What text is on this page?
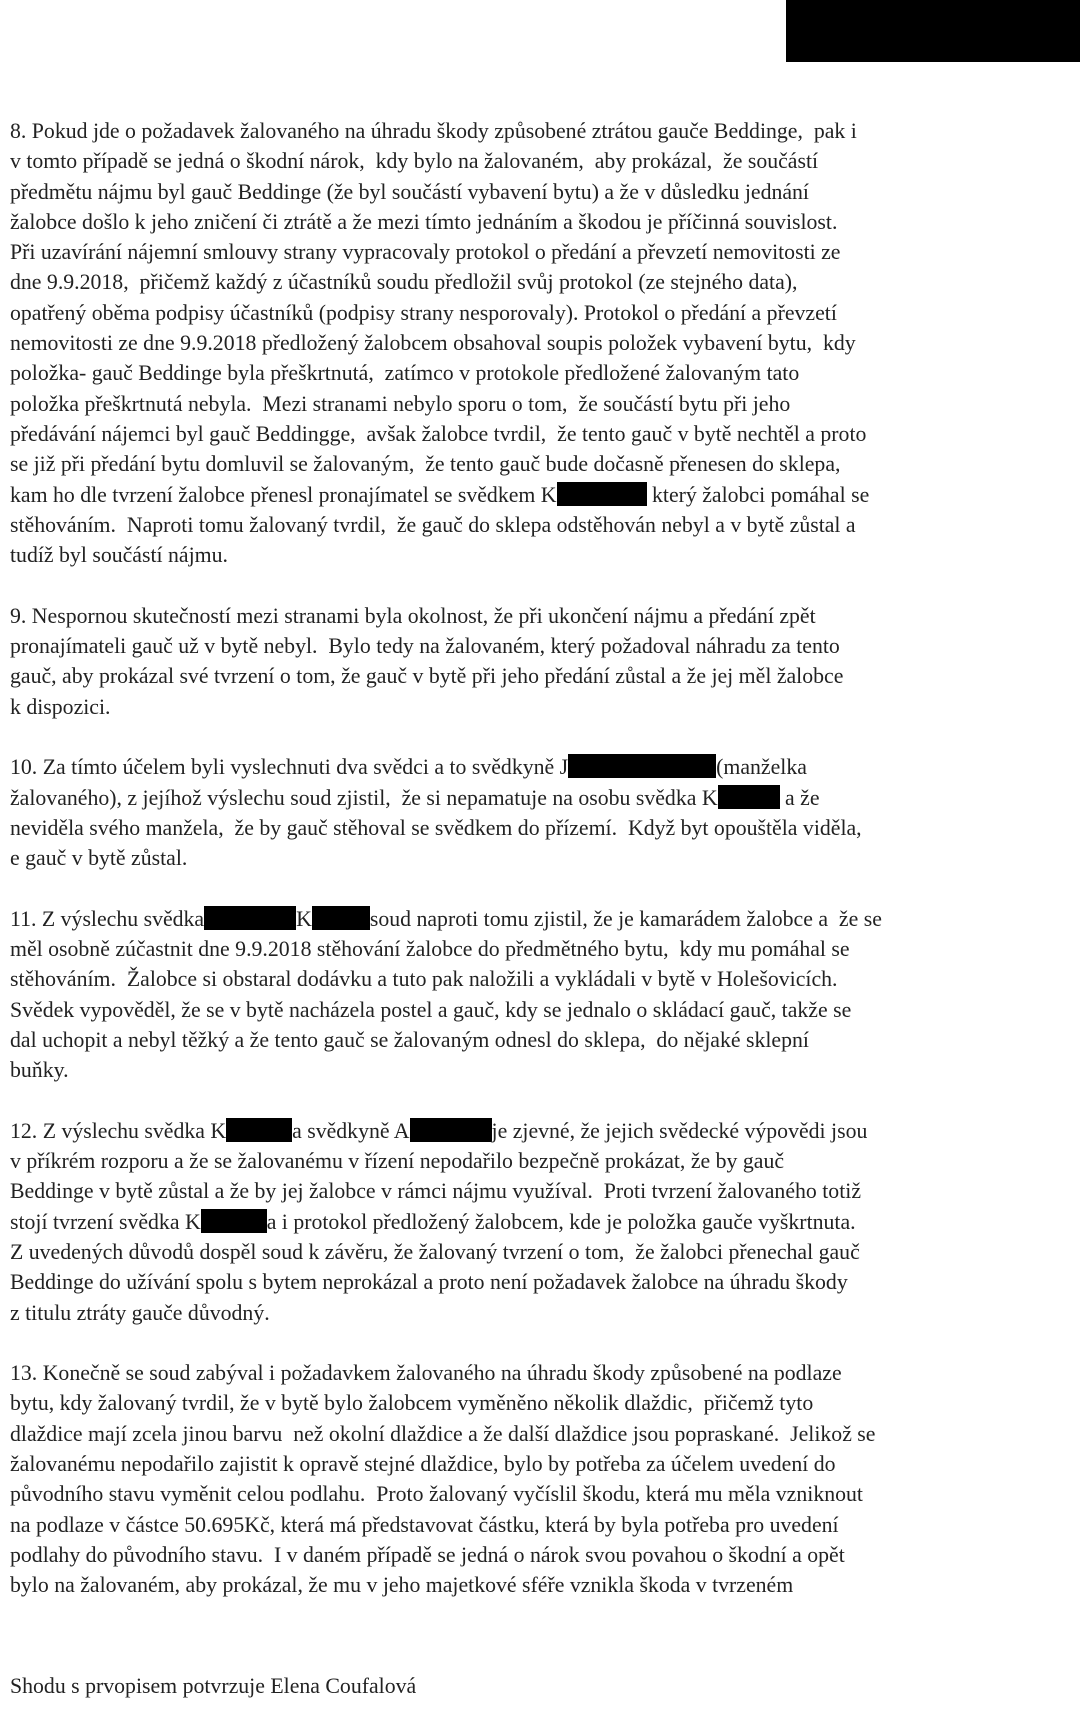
8. Pokud jde o požadavek žalovaného na úhradu škody způsobené ztrátou gauče Beddinge,  pak i
v tomto případě se jedná o škodní nárok,  kdy bylo na žalovaném,  aby prokázal,  že součástí
předmětu nájmu byl gauč Beddinge (že byl součástí vybavení bytu) a že v důsledku jednání
žalobce došlo k jeho zničení či ztrátě a že mezi tímto jednáním a škodou je příčinná souvislost.
Při uzavírání nájemní smlouvy strany vypracovaly protokol o předání a převzetí nemovitosti ze
dne 9.9.2018,  přičemž každý z účastníků soudu předložil svůj protokol (ze stejného data),
opatřený oběma podpisy účastníků (podpisy strany nesporovaly). Protokol o předání a převzetí
nemovitosti ze dne 9.9.2018 předložený žalobcem obsahoval soupis položek vybavení bytu,  kdy
položka- gauč Beddinge byla přeškrtnutá,  zatímco v protokole předložené žalovaným tato
položka přeškrtnutá nebyla.  Mezi stranami nebylo sporu o tom,  že součástí bytu při jeho
předávání nájemci byl gauč Beddingge,  avšak žalobce tvrdil,  že tento gauč v bytě nechtěl a proto
se již při předání bytu domluvil se žalovaným,  že tento gauč bude dočasně přenesen do sklepa,
kam ho dle tvrzení žalobce přenesl pronajímatel se svědkem K	který žalobci pomáhal se
stěhováním.  Naproti tomu žalovaný tvrdil,  že gauč do sklepa odstěhován nebyl a v bytě zůstal a
tudíž byl součástí nájmu.
9. Nespornou skutečností mezi stranami byla okolnost, že při ukončení nájmu a předání zpět
pronajímateli gauč už v bytě nebyl.  Bylo tedy na žalovaném, který požadoval náhradu za tento
gauč, aby prokázal své tvrzení o tom, že gauč v bytě při jeho předání zůstal a že jej měl žalobce
k dispozici.
10. Za tímto účelem byli vyslechnuti dva svědci a to svědkyně J	(manželka
žalovaného), z jejíhož výslechu soud zjistil,  že si nepamatuje na osobu svědka K	a že
neviděla svého manžela,  že by gauč stěhoval se svědkem do přízemí.  Když byt opouštěla viděla,
e gauč v bytě zůstal.
11. Z výslechu svědka	K	soud naproti tomu zjistil, že je kamarádem žalobce a  že se
měl osobně zúčastnit dne 9.9.2018 stěhování žalobce do předmětného bytu,  kdy mu pomáhal se
stěhováním.  Žalobce si obstaral dodávku a tuto pak naložili a vykládali v bytě v Holešovicích.
Svědek vypověděl, že se v bytě nacházela postel a gauč, kdy se jednalo o skládací gauč, takže se
dal uchopit a nebyl těžký a že tento gauč se žalovaným odnesl do sklepa,  do nějaké sklepní
buňky.
12. Z výslechu svědka K	a svědkyně A	je zjevné, že jejich svědecké výpovědi jsou
v příkrém rozporu a že se žalovanému v řízení nepodařilo bezpečně prokázat, že by gauč
Beddinge v bytě zůstal a že by jej žalobce v rámci nájmu využíval.  Proti tvrzení žalovaného totiž
stojí tvrzení svědka K	a i protokol předložený žalobcem, kde je položka gauče vyškrtnuta.
Z uvedených důvodů dospěl soud k závěru, že žalovaný tvrzení o tom,  že žalobci přenechal gauč
Beddinge do užívání spolu s bytem neprokázal a proto není požadavek žalobce na úhradu škody
z titulu ztráty gauče důvodný.
13. Konečně se soud zabýval i požadavkem žalovaného na úhradu škody způsobené na podlaze
bytu, kdy žalovaný tvrdil, že v bytě bylo žalobcem vyměněno několik dlaždic,  přičemž tyto
dlaždice mají zcela jinou barvu  než okolní dlaždice a že další dlaždice jsou popraskané.  Jelikož se
žalovanému nepodařilo zajistit k opravě stejné dlaždice, bylo by potřeba za účelem uvedení do
původního stavu vyměnit celou podlahu.  Proto žalovaný vyčíslil škodu, která mu měla vzniknout
na podlaze v částce 50.695Kč, která má představovat částku, která by byla potřeba pro uvedení
podlahy do původního stavu.  I v daném případě se jedná o nárok svou povahou o škodní a opět
bylo na žalovaném, aby prokázal, že mu v jeho majetkové sféře vznikla škoda v tvrzeném
Shodu s prvopisem potvrzuje Elena Coufalová
